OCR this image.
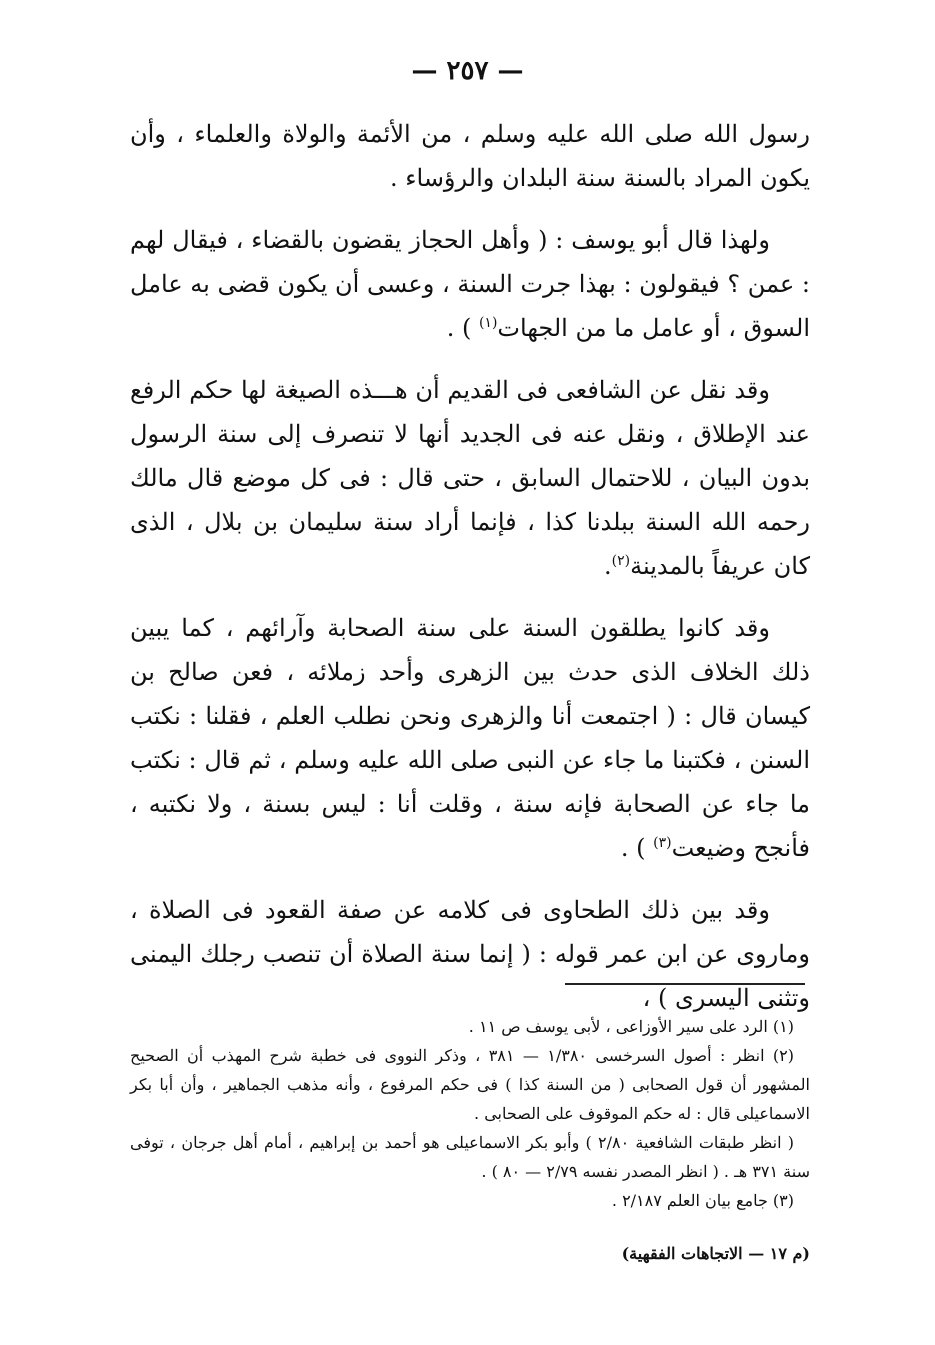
— ٢٥٧ —

رسول الله صلى الله عليه وسلم ، من الأئمة والولاة والعلماء ، وأن يكون المراد بالسنة سنة البلدان والرؤساء .

ولهذا قال أبو يوسف : ( وأهل الحجاز يقضون بالقضاء ، فيقال لهم : عمن ؟ فيقولون : بهذا جرت السنة ، وعسى أن يكون قضى به عامل السوق ، أو عامل ما من الجهات$^{(١)}$ ) .

وقد نقل عن الشافعى فى القديم أن هـــذه الصيغة لها حكم الرفع عند الإطلاق ، ونقل عنه فى الجديد أنها لا تنصرف إلى سنة الرسول بدون البيان ، للاحتمال السابق ، حتى قال : فى كل موضع قال مالك رحمه الله السنة ببلدنا كذا ، فإنما أراد سنة سليمان بن بلال ، الذى كان عريفاً بالمدينة$^{(٢)}$.

وقد كانوا يطلقون السنة على سنة الصحابة وآرائهم ، كما يبين ذلك الخلاف الذى حدث بين الزهرى وأحد زملائه ، فعن صالح بن كيسان قال : ( اجتمعت أنا والزهرى ونحن نطلب العلم ، فقلنا : نكتب السنن ، فكتبنا ما جاء عن النبى صلى الله عليه وسلم ، ثم قال : نكتب ما جاء عن الصحابة فإنه سنة ، وقلت أنا : ليس بسنة ، ولا نكتبه ، فأنجح وضيعت$^{(٣)}$ ) .

وقد بين ذلك الطحاوى فى كلامه عن صفة القعود فى الصلاة ، وماروى عن ابن عمر قوله : ( إنما سنة الصلاة أن تنصب رجلك اليمنى وتثنى اليسرى ) ،

(١) الرد على سير الأوزاعى ، لأبى يوسف ص ١١ .

(٢) انظر : أصول السرخسى ١/٣٨٠ — ٣٨١ ، وذكر النووى فى خطبة شرح المهذب أن الصحيح المشهور أن قول الصحابى ( من السنة كذا ) فى حكم المرفوع ، وأنه مذهب الجماهير ، وأن أبا بكر الاسماعيلى قال : له حكم الموقوف على الصحابى .

( انظر طبقات الشافعية ٢/٨٠ ) وأبو بكر الاسماعيلى هو أحمد بن إبراهيم ، أمام أهل جرجان ، توفى سنة ٣٧١ هـ . ( انظر المصدر نفسه ٢/٧٩ — ٨٠ ) .

(٣) جامع بيان العلم ٢/١٨٧ .

(م ١٧ — الاتجاهات الفقهية)
